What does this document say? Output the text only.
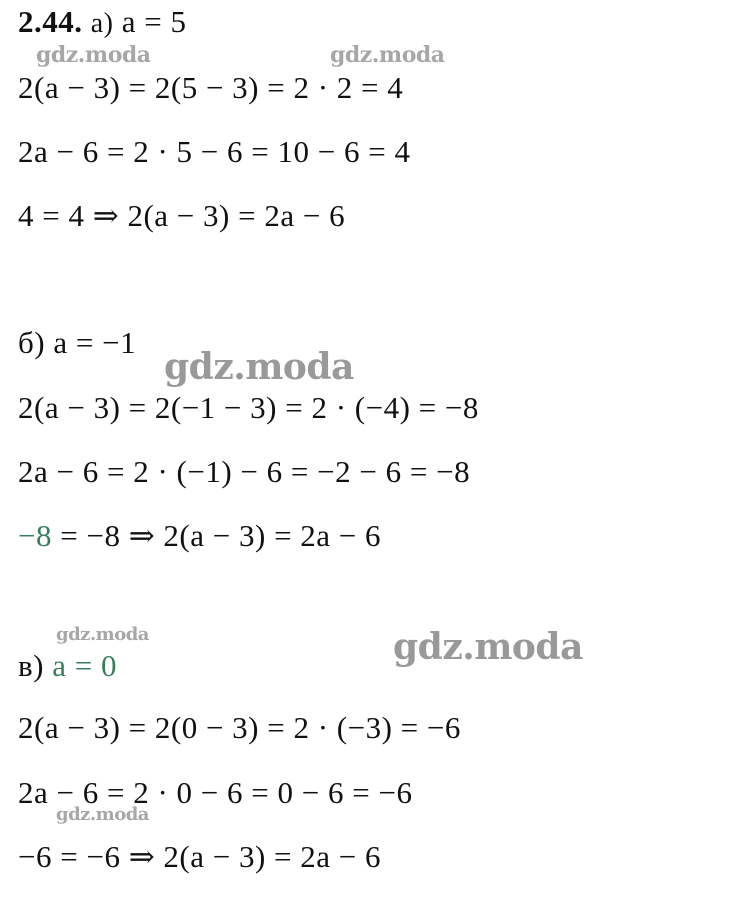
2.44. а) a = 5
2(a − 3) = 2(5 − 3) = 2 · 2 = 4
2a − 6 = 2 · 5 − 6 = 10 − 6 = 4
4 = 4 ⇒ 2(a − 3) = 2a − 6
б) a = −1
2(a − 3) = 2(−1 − 3) = 2 · (−4) = −8
2a − 6 = 2 · (−1) − 6 = −2 − 6 = −8
−8 = −8 ⇒ 2(a − 3) = 2a − 6
в) a = 0
2(a − 3) = 2(0 − 3) = 2 · (−3) = −6
2a − 6 = 2 · 0 − 6 = 0 − 6 = −6
−6 = −6 ⇒ 2(a − 3) = 2a − 6
gdz.moda	gdz.moda
gdz.moda
gdz.moda	gdz.moda
gdz.moda
